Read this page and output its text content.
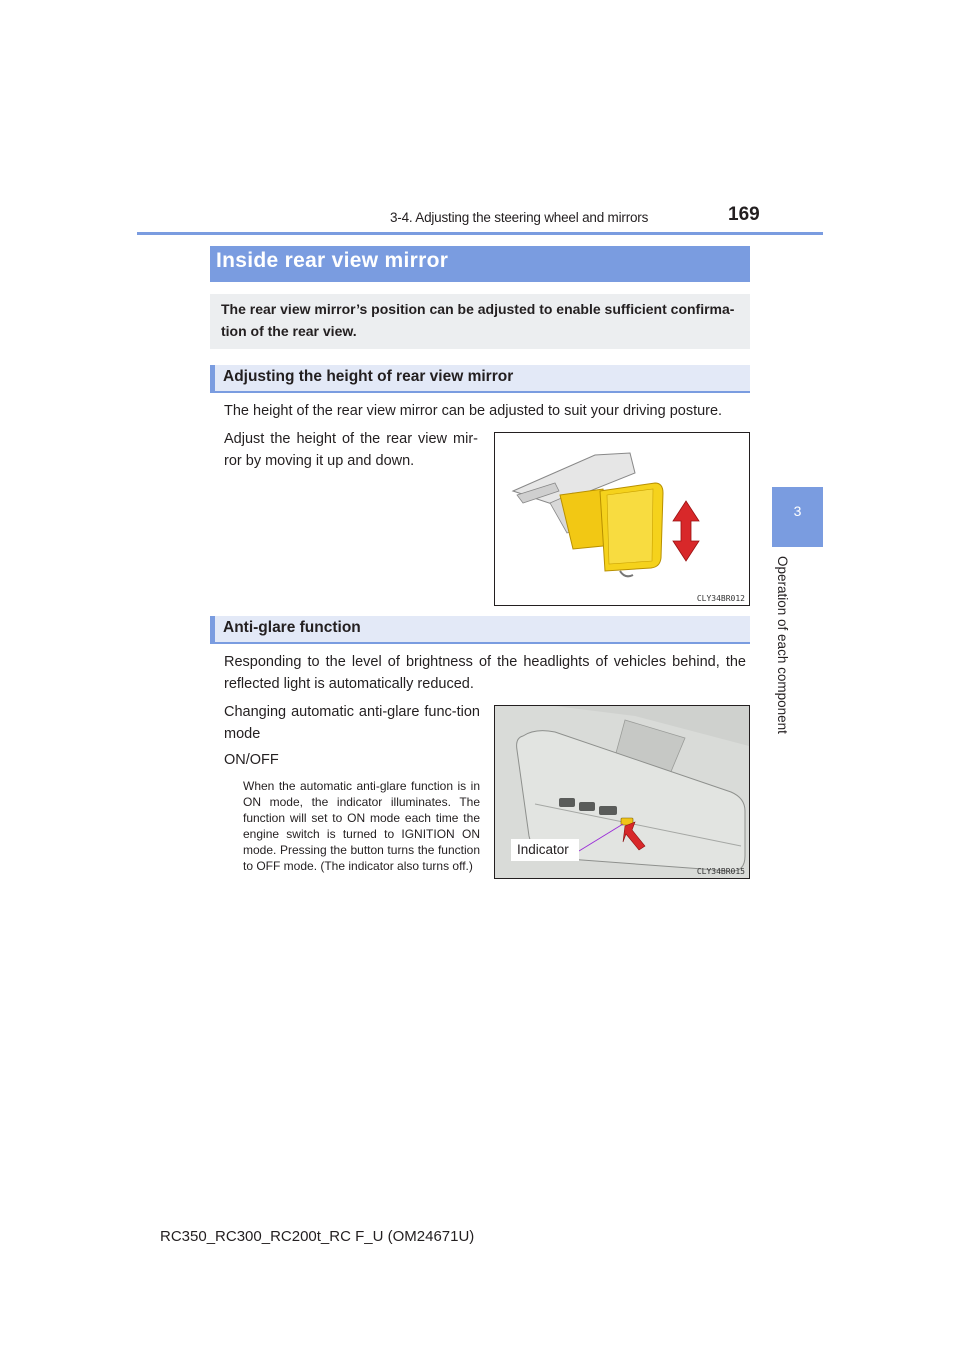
3-4. Adjusting the steering wheel and mirrors	169
3
Operation of each component
Inside rear view mirror
The rear view mirror’s position can be adjusted to enable sufficient confirma-tion of the rear view.
Adjusting the height of rear view mirror
The height of the rear view mirror can be adjusted to suit your driving posture.
Adjust the height of the rear view mir-ror by moving it up and down.
CLY34BR012
Anti-glare function
Responding to the level of brightness of the headlights of vehicles behind, the reflected light is automatically reduced.
Changing automatic anti-glare func-tion mode
ON/OFF
When the automatic anti-glare function is in ON mode, the indicator illuminates. The function will set to ON mode each time the engine switch is turned to IGNITION ON mode. Pressing the button turns the function to OFF mode. (The indicator also turns off.)
Indicator
CLY34BR015
RC350_RC300_RC200t_RC F_U (OM24671U)
